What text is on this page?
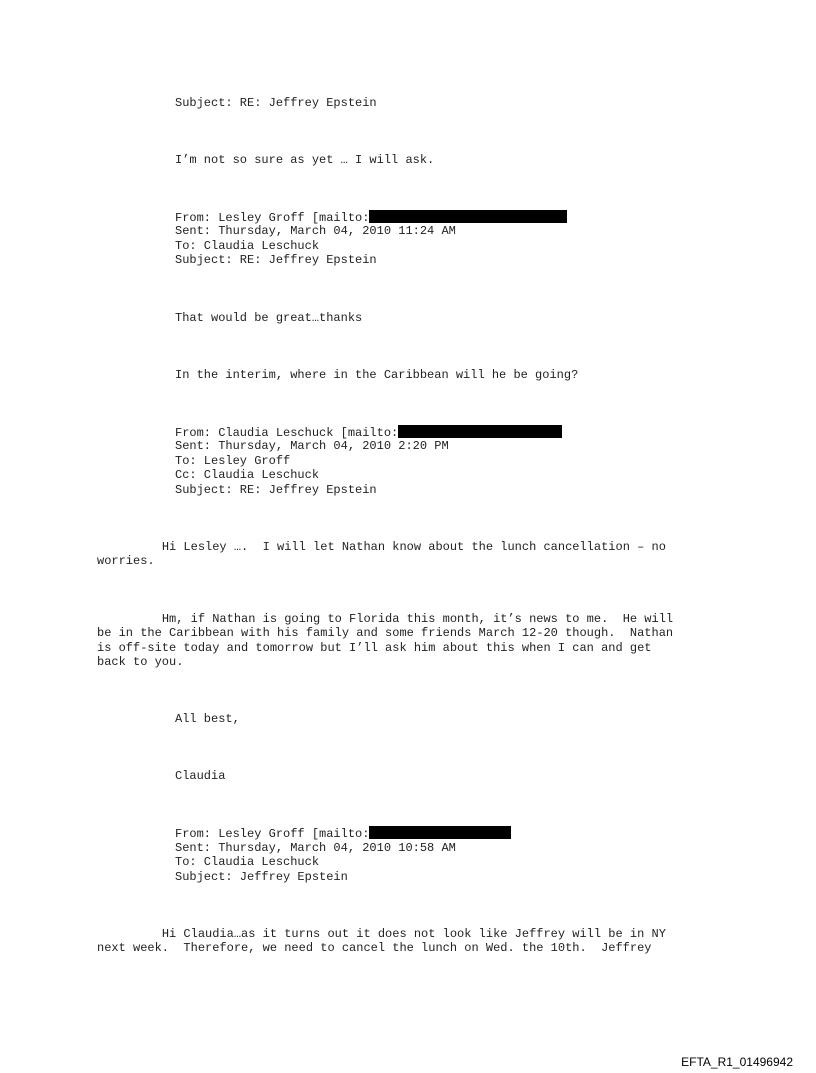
Subject: RE: Jeffrey Epstein
I’m not so sure as yet … I will ask.
From: Lesley Groff [mailto:
Sent: Thursday, March 04, 2010 11:24 AM
To: Claudia Leschuck
Subject: RE: Jeffrey Epstein
That would be great…thanks
In the interim, where in the Caribbean will he be going?
From: Claudia Leschuck [mailto:
Sent: Thursday, March 04, 2010 2:20 PM
To: Lesley Groff
Cc: Claudia Leschuck
Subject: RE: Jeffrey Epstein
Hi Lesley ….  I will let Nathan know about the lunch cancellation – no
worries.
Hm, if Nathan is going to Florida this month, it’s news to me.  He will
be in the Caribbean with his family and some friends March 12-20 though.  Nathan
is off-site today and tomorrow but I’ll ask him about this when I can and get
back to you.
All best,
Claudia
From: Lesley Groff [mailto:
Sent: Thursday, March 04, 2010 10:58 AM
To: Claudia Leschuck
Subject: Jeffrey Epstein
Hi Claudia…as it turns out it does not look like Jeffrey will be in NY
next week.  Therefore, we need to cancel the lunch on Wed. the 10th.  Jeffrey
EFTA_R1_01496942
